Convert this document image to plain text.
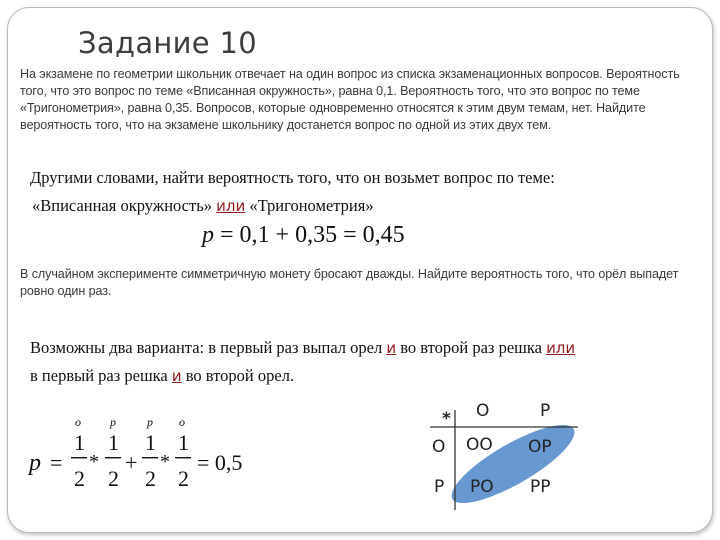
Задание 10
На экзамене по геометрии школьник отвечает на один вопрос из списка экзаменационных вопросов. Вероятность
того, что это вопрос по теме «Вписанная окружность», равна 0,1. Вероятность того, что это вопрос по теме
«Тригонометрия», равна 0,35. Вопросов, которые одновременно относятся к этим двум темам, нет. Найдите
вероятность того, что на экзамене школьнику достанется вопрос по одной из этих двух тем.
Другими словами, найти вероятность того, что он возьмет вопрос по теме:
«Вписанная окружность» или «Тригонометрия»
p = 0,1 + 0,35 = 0,45
В случайном эксперименте симметричную монету бросают дважды. Найдите вероятность того, что орёл выпадет
ровно один раз.
Возможны два варианта: в первый раз выпал орел и во второй раз решка или
в первый раз решка и во второй орел.
p =
о
1
2
*
р
1
2
+
р
1
2
*
о
1
2
= 0,5
* О	Р
О
Р
ОО ОР
РО РР
